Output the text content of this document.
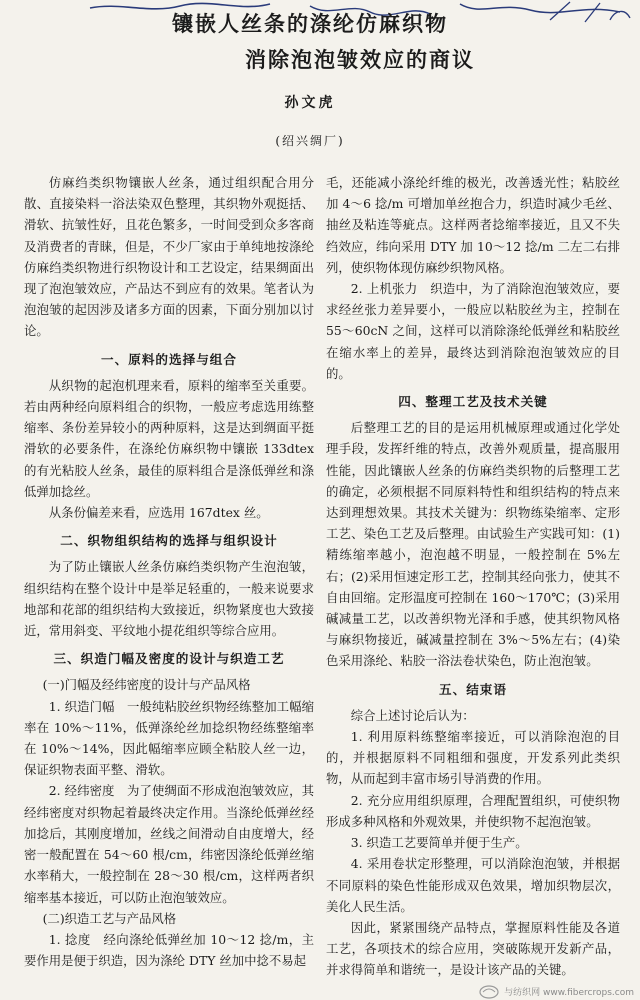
镶嵌人丝条的涤纶仿麻织物
消除泡泡皱效应的商议
孙文虎
(绍兴绸厂)

仿麻绉类织物镶嵌人丝条，通过组织配合用分散、直接染料一浴法染双色整理，其织物外观挺括、滑软、抗皱性好，且花色繁多，一时间受到众多客商及消费者的青睐，但是，不少厂家由于单纯地按涤纶仿麻绉类织物进行织物设计和工艺设定，结果绸面出现了泡泡皱效应，产品达不到应有的效果。笔者认为泡泡皱的起因涉及诸多方面的因素，下面分别加以讨论。

一、原料的选择与组合

从织物的起泡机理来看，原料的缩率至关重要。若由两种经向原料组合的织物，一般应考虑选用练整缩率、条份差异较小的两种原料，这是达到绸面平挺滑软的必要条件，在涤纶仿麻织物中镶嵌 133dtex 的有光粘胶人丝条，最佳的原料组合是涤低弹丝和涤低弹加捻丝。

从条份偏差来看，应选用 167dtex 丝。

二、织物组织结构的选择与组织设计

为了防止镶嵌人丝条仿麻绉类织物产生泡泡皱，组织结构在整个设计中是举足轻重的，一般来说要求地部和花部的组织结构大致接近，织物紧度也大致接近，常用斜变、平纹地小提花组织等综合应用。

三、织造门幅及密度的设计与织造工艺
(一)门幅及经纬密度的设计与产品风格

1. 织造门幅　一般纯粘胶丝织物经练整加工幅缩率在 10%～11%，低弹涤纶丝加捻织物经练整缩率在 10%～14%，因此幅缩率应顾全粘胶人丝一边，保证织物表面平整、滑软。

2. 经纬密度　为了使绸面不形成泡泡皱效应，其经纬密度对织物起着最终决定作用。当涤纶低弹丝经加捻后，其刚度增加，丝线之间滑动自由度增大，经密一般配置在 54～60 根/cm，纬密因涤纶低弹丝缩水率稍大，一般控制在 28～30 根/cm，这样两者织缩率基本接近，可以防止泡泡皱效应。

(二)织造工艺与产品风格

1. 捻度　经向涤纶低弹丝加 10～12 捻/m，主要作用是便于织造，因为涤纶 DTY 丝加中捻不易起

毛，还能减小涤纶纤维的极光，改善透光性；粘胶丝加 4～6 捻/m 可增加单丝抱合力，织造时减少毛丝、抽丝及粘连等疵点。这样两者捻缩率接近，且又不失绉效应，纬向采用 DTY 加 10～12 捻/m 二左二右排列，使织物体现仿麻纱织物风格。

2. 上机张力　织造中，为了消除泡泡皱效应，要求经丝张力差异要小，一般应以粘胶丝为主，控制在 55～60cN 之间，这样可以消除涤纶低弹丝和粘胶丝在缩水率上的差异，最终达到消除泡泡皱效应的目的。

四、整理工艺及技术关键

后整理工艺的目的是运用机械原理或通过化学处理手段，发挥纤维的特点，改善外观质量，提高服用性能，因此镶嵌人丝条的仿麻绉类织物的后整理工艺的确定，必须根据不同原料特性和组织结构的特点来达到理想效果。其技术关键为：织物练染缩率、定形工艺、染色工艺及后整理。由试验生产实践可知：(1)精练缩率越小，泡泡越不明显，一般控制在 5%左右；(2)采用恒速定形工艺，控制其经向张力，使其不自由回缩。定形温度可控制在 160～170℃；(3)采用碱减量工艺，以改善织物光泽和手感，使其织物风格与麻织物接近，碱减量控制在 3%～5%左右；(4)染色采用涤纶、粘胶一浴法卷状染色，防止泡泡皱。

五、结束语

综合上述讨论后认为：

1. 利用原料练整缩率接近，可以消除泡泡的目的，并根据原料不同粗细和强度，开发系列此类织物，从而起到丰富市场引导消费的作用。

2. 充分应用组织原理，合理配置组织，可使织物形成多种风格和外观效果，并使织物不起泡泡皱。

3. 织造工艺要简单并便于生产。

4. 采用卷状定形整理，可以消除泡泡皱，并根据不同原料的染色性能形成双色效果，增加织物层次，美化人民生活。

因此，紧紧围绕产品特点，掌握原料性能及各道工艺，各项技术的综合应用，突破陈规开发新产品，并求得简单和谐统一，是设计该产品的关键。

与纺织网 www.fibercrops.com
